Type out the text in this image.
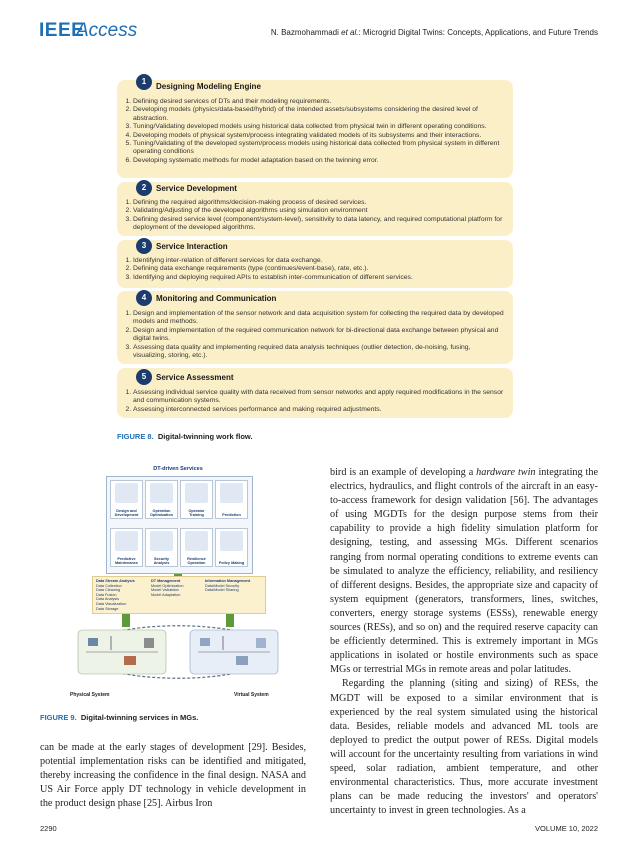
IEEE
Access	N. Bazmohammadi et al.: Microgrid Digital Twins: Concepts, Applications, and Future Trends
1. Defining desired services of DTs and their modeling requirements.
2. Developing models (physics/data-based/hybrid) of the intended assets/subsystems considering the desired level of abstraction.
3. Tuning/Validating developed models using historical data collected from physical twin in different operating conditions.
4. Developing models of physical system/process integrating validated models of its subsystems and their interactions.
5. Tuning/Validating of the developed system/process models using historical data collected from physical system in different operating conditions
6. Developing systematic methods for model adaptation based on the twinning error.
1
Designing Modeling Engine
1. Defining the required algorithms/decision-making process of desired services.
2. Validating/Adjusting of the developed algorithms using simulation environment
3. Defining desired service level (component/system-level), sensitivity to data latency, and required computational platform for deployment of the developed algorithms.
2	Service Development
1. Identifying inter-relation of different services for data exchange.
2. Defining data exchange requirements (type (continues/event-base), rate, etc.).
3. Identifying and deploying required APIs to establish inter-communication of different services.
3	Service Interaction
1. Design and implementation of the sensor network and data acquisition system for collecting the required data by developed models and methods.
2. Design and implementation of the required communication network for bi-directional data exchange between physical and digital twins.
3. Assessing data quality and implementing required data analysis techniques (outlier detection, de-noising, fusing, visualizing, storing, etc.).
4	Monitoring and Communication
1. Assessing individual service quality with data received from sensor networks and apply required modifications in the sensor and communication systems.
2. Assessing interconnected services performance and making required adjustments.
5	Service Assessment
FIGURE 8. Digital-twinning work flow.
DT-driven Services
Design and Development
Operation Optimization
Operator Training	Prediction
Predictive Maintenance
Security Analysis
Resilience Operation	Policy Making
Data Stream Analysis
Data Collection
Data Cleaning
Data Fusion
Data Analysis
Data Visualization
Data Storage
DT Management
Model Optimization
Model Validation
Model Adaptation
Information Management
Data/Model Security
Data/Model Sharing
Physical System	Virtual System
FIGURE 9. Digital-twinning services in MGs.

can be made at the early stages of development [29]. Besides, potential implementation risks can be identified and mitigated, thereby increasing the confidence in the final design. NASA and US Air Force apply DT technology in vehicle development in the product design phase [25]. Airbus Iron

bird is an example of developing a hardware twin integrating the electrics, hydraulics, and flight controls of the aircraft in an easy-to-access framework for design validation [56]. The advantages of using MGDTs for the design purpose stems from their capability to provide a high fidelity simulation platform for designing, testing, and assessing MGs. Different scenarios ranging from normal operating conditions to extreme events can be simulated to analyze the efficiency, reliability, and resiliency of different designs. Besides, the appropriate size and capacity of system equipment (generators, transformers, lines, switches, converters, energy storage systems (ESSs), renewable energy sources (RESs), and so on) and the required reserve capacity can be efficiently determined. This is extremely important in MGs applications in isolated or hostile environments such as space MGs or terrestrial MGs in remote areas and polar latitudes.

Regarding the planning (siting and sizing) of RESs, the MGDT will be exposed to a similar environment that is experienced by the real system simulated using the historical data. Besides, reliable models and advanced ML tools are deployed to predict the output power of RESs. Digital models will account for the uncertainty resulting from variations in wind speed, solar radiation, ambient temperature, and other environmental characteristics. Thus, more accurate investment plans can be made reducing the investors' and operators' uncertainty to invest in green technologies. As a

2290	VOLUME 10, 2022
